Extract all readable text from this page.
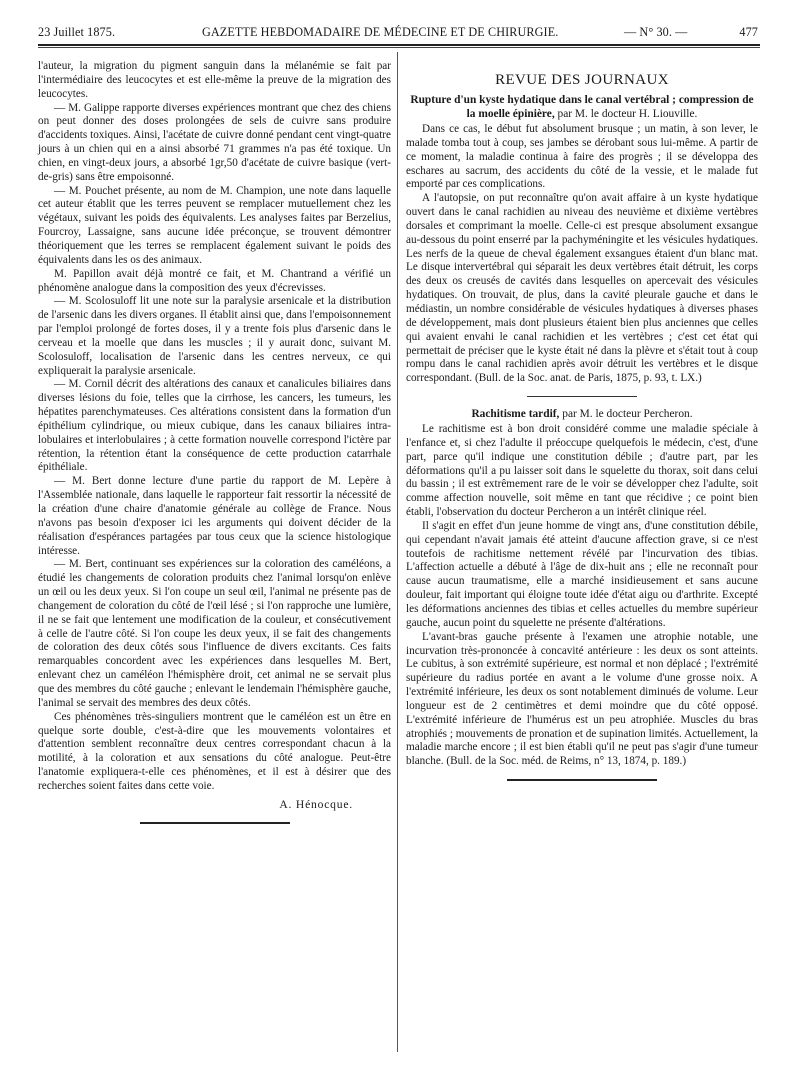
23 Juillet 1875.	GAZETTE HEBDOMADAIRE DE MÉDECINE ET DE CHIRURGIE.	— N° 30. —	477

l'auteur, la migration du pigment sanguin dans la mélanémie se fait par l'intermédiaire des leucocytes et est elle-même la preuve de la migration des leucocytes.

— M. Galippe rapporte diverses expériences montrant que chez des chiens on peut donner des doses prolongées de sels de cuivre sans produire d'accidents toxiques. Ainsi, l'acétate de cuivre donné pendant cent vingt-quatre jours à un chien qui en a ainsi absorbé 71 grammes n'a pas été toxique. Un chien, en vingt-deux jours, a absorbé 1gr,50 d'acétate de cuivre basique (vert-de-gris) sans être empoisonné.

— M. Pouchet présente, au nom de M. Champion, une note dans laquelle cet auteur établit que les terres peuvent se remplacer mutuellement chez les végétaux, suivant les poids des équivalents. Les analyses faites par Berzelius, Fourcroy, Lassaigne, sans aucune idée préconçue, se trouvent démontrer théoriquement que les terres se remplacent également suivant le poids des équivalents dans les os des animaux.

M. Papillon avait déjà montré ce fait, et M. Chantrand a vérifié un phénomène analogue dans la composition des yeux d'écrevisses.

— M. Scolosuloff lit une note sur la paralysie arsenicale et la distribution de l'arsenic dans les divers organes. Il établit ainsi que, dans l'empoisonnement par l'emploi prolongé de fortes doses, il y a trente fois plus d'arsenic dans le cerveau et la moelle que dans les muscles ; il y aurait donc, suivant M. Scolosuloff, localisation de l'arsenic dans les centres nerveux, ce qui expliquerait la paralysie arsenicale.

— M. Cornil décrit des altérations des canaux et canalicules biliaires dans diverses lésions du foie, telles que la cirrhose, les cancers, les tumeurs, les hépatites parenchymateuses. Ces altérations consistent dans la formation d'un épithélium cylindrique, ou mieux cubique, dans les canaux biliaires intra-lobulaires et interlobulaires ; à cette formation nouvelle correspond l'ictère par rétention, la rétention étant la conséquence de cette production catarrhale épithéliale.

— M. Bert donne lecture d'une partie du rapport de M. Lepère à l'Assemblée nationale, dans laquelle le rapporteur fait ressortir la nécessité de la création d'une chaire d'anatomie générale au collège de France. Nous n'avons pas besoin d'exposer ici les arguments qui doivent décider de la réalisation d'espérances partagées par tous ceux que la science histologique intéresse.

— M. Bert, continuant ses expériences sur la coloration des caméléons, a étudié les changements de coloration produits chez l'animal lorsqu'on enlève un œil ou les deux yeux. Si l'on coupe un seul œil, l'animal ne présente pas de changement de coloration du côté de l'œil lésé ; si l'on rapproche une lumière, il ne se fait que lentement une modification de la couleur, et consécutivement à celle de l'autre côté. Si l'on coupe les deux yeux, il se fait des changements de coloration des deux côtés sous l'influence de divers excitants. Ces faits remarquables concordent avec les expériences dans lesquelles M. Bert, enlevant chez un caméléon l'hémisphère droit, cet animal ne se servait plus que des membres du côté gauche ; enlevant le lendemain l'hémisphère gauche, l'animal se servait des membres des deux côtés.

Ces phénomènes très-singuliers montrent que le caméléon est un être en quelque sorte double, c'est-à-dire que les mouvements volontaires et d'attention semblent reconnaître deux centres correspondant chacun à la motilité, à la coloration et aux sensations du côté analogue. Peut-être l'anatomie expliquera-t-elle ces phénomènes, et il est à désirer que des recherches soient faites dans cette voie.

A. Hénocque.
REVUE DES JOURNAUX
Rupture d'un kyste hydatique dans le canal vertébral ; compression de la moelle épinière, par M. le docteur H. Liouville.

Dans ce cas, le début fut absolument brusque ; un matin, à son lever, le malade tomba tout à coup, ses jambes se dérobant sous lui-même. A partir de ce moment, la maladie continua à faire des progrès ; il se développa des eschares au sacrum, des accidents du côté de la vessie, et le malade fut emporté par ces complications.

A l'autopsie, on put reconnaître qu'on avait affaire à un kyste hydatique ouvert dans le canal rachidien au niveau des neuvième et dixième vertèbres dorsales et comprimant la moelle. Celle-ci est presque absolument exsangue au-dessous du point enserré par la pachyméningite et les vésicules hydatiques. Les nerfs de la queue de cheval également exsangues étaient d'un blanc mat. Le disque intervertébral qui séparait les deux vertèbres était détruit, les corps des deux os creusés de cavités dans lesquelles on apercevait des vésicules hydatiques. On trouvait, de plus, dans la cavité pleurale gauche et dans le médiastin, un nombre considérable de vésicules hydatiques à diverses phases de développement, mais dont plusieurs étaient bien plus anciennes que celles qui avaient envahi le canal rachidien et les vertèbres ; c'est cet état qui permettait de préciser que le kyste était né dans la plèvre et s'était tout à coup rompu dans le canal rachidien après avoir détruit les vertèbres et le disque correspondant. (Bull. de la Soc. anat. de Paris, 1875, p. 93, t. LX.)

Rachitisme tardif, par M. le docteur Percheron.

Le rachitisme est à bon droit considéré comme une maladie spéciale à l'enfance et, si chez l'adulte il préoccupe quelquefois le médecin, c'est, d'une part, parce qu'il indique une constitution débile ; d'autre part, par les déformations qu'il a pu laisser soit dans le squelette du thorax, soit dans celui du bassin ; il est extrêmement rare de le voir se développer chez l'adulte, soit comme affection nouvelle, soit même en tant que récidive ; ce point bien établi, l'observation du docteur Percheron a un intérêt clinique réel.

Il s'agit en effet d'un jeune homme de vingt ans, d'une constitution débile, qui cependant n'avait jamais été atteint d'aucune affection grave, si ce n'est toutefois de rachitisme nettement révélé par l'incurvation des tibias. L'affection actuelle a débuté à l'âge de dix-huit ans ; elle ne reconnaît pour cause aucun traumatisme, elle a marché insidieusement et sans aucune douleur, fait important qui éloigne toute idée d'état aigu ou d'arthrite. Excepté les déformations anciennes des tibias et celles actuelles du membre supérieur gauche, aucun point du squelette ne présente d'altérations.

L'avant-bras gauche présente à l'examen une atrophie notable, une incurvation très-prononcée à concavité antérieure : les deux os sont atteints. Le cubitus, à son extrémité supérieure, est normal et non déplacé ; l'extrémité supérieure du radius portée en avant a le volume d'une grosse noix. A l'extrémité inférieure, les deux os sont notablement diminués de volume. Leur longueur est de 2 centimètres et demi moindre que du côté opposé. L'extrémité inférieure de l'humérus est un peu atrophiée. Muscles du bras atrophiés ; mouvements de pronation et de supination limités. Actuellement, la maladie marche encore ; il est bien établi qu'il ne peut pas s'agir d'une tumeur blanche. (Bull. de la Soc. méd. de Reims, n° 13, 1874, p. 189.)
